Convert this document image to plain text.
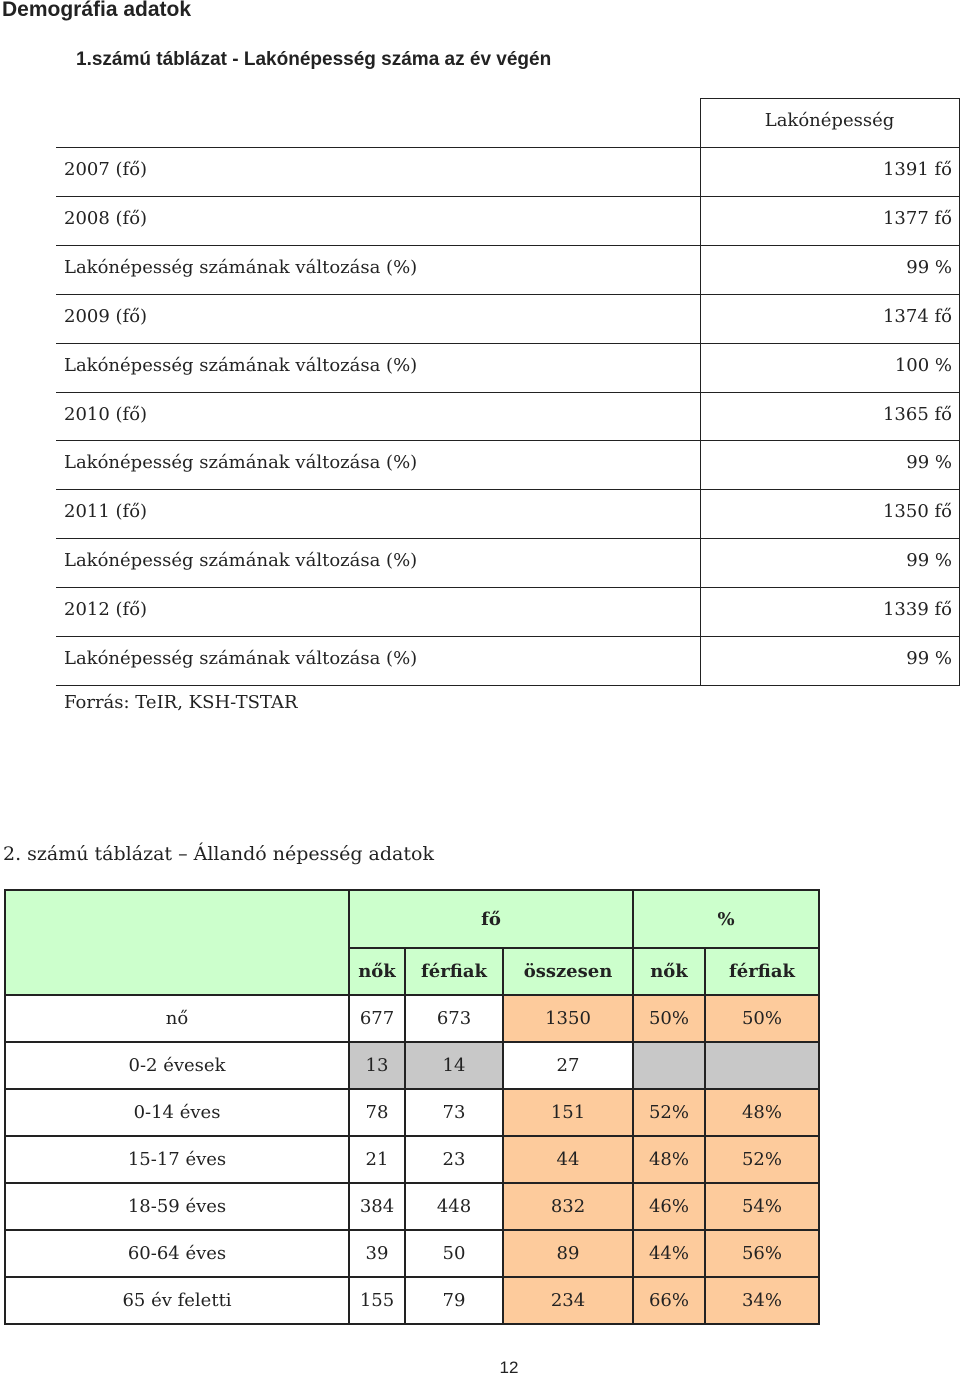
Demográfia adatok
1.számú táblázat - Lakónépesség száma az év végén
Lakónépesség
2007 (fő)	1391 fő
2008 (fő)	1377 fő
Lakónépesség számának változása (%)	99 %
2009 (fő)	1374 fő
Lakónépesség számának változása (%)	100 %
2010 (fő)	1365 fő
Lakónépesség számának változása (%)	99 %
2011 (fő)	1350 fő
Lakónépesség számának változása (%)	99 %
2012 (fő)	1339 fő
Lakónépesség számának változása (%)	99 %
Forrás: TeIR, KSH-TSTAR
2. számú táblázat – Állandó népesség adatok
	fő			%	
	nők	férfiak	összesen	nők	férfiak
nő	677	673	1350	50%	50%
0-2 évesek	13	14	27		
0-14 éves	78	73	151	52%	48%
15-17 éves	21	23	44	48%	52%
18-59 éves	384	448	832	46%	54%
60-64 éves	39	50	89	44%	56%
65 év feletti	155	79	234	66%	34%
12
